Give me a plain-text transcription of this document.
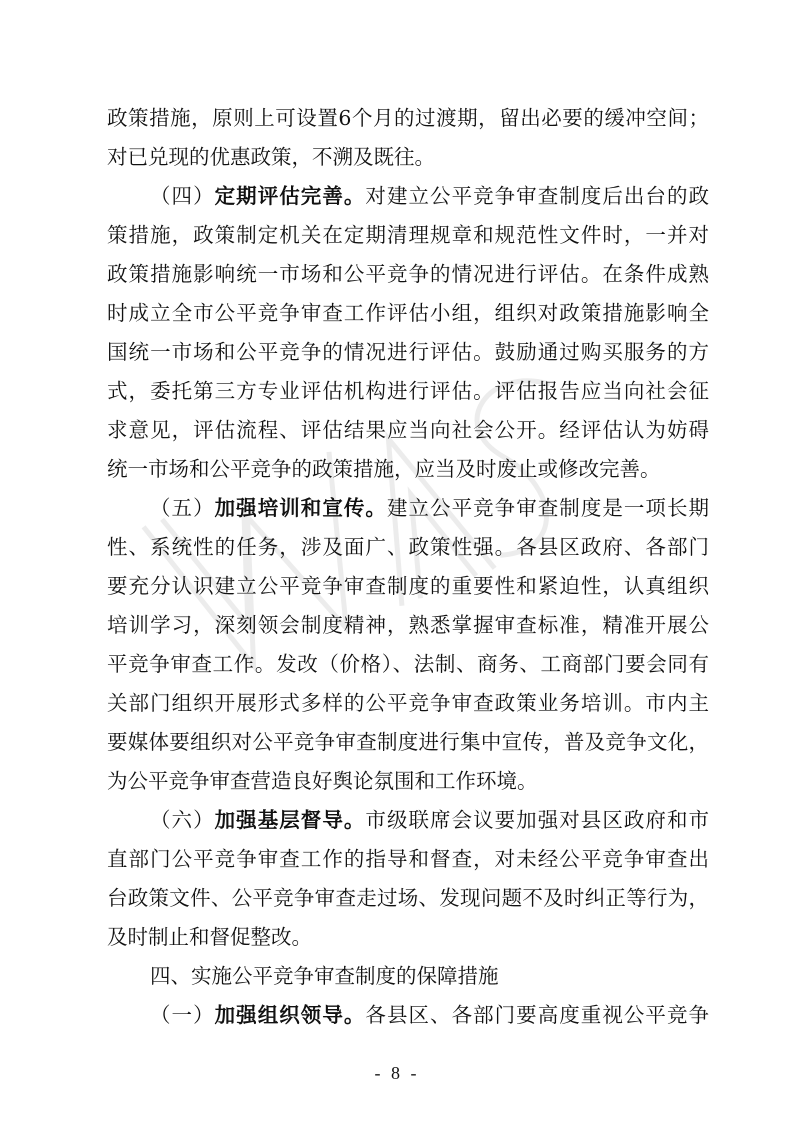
政策措施，原则上可设置6个月的过渡期，留出必要的缓冲空间；
对已兑现的优惠政策，不溯及既往。
（四）定期评估完善。对建立公平竞争审查制度后出台的政
策措施，政策制定机关在定期清理规章和规范性文件时，一并对
政策措施影响统一市场和公平竞争的情况进行评估。在条件成熟
时成立全市公平竞争审查工作评估小组，组织对政策措施影响全
国统一市场和公平竞争的情况进行评估。鼓励通过购买服务的方
式，委托第三方专业评估机构进行评估。评估报告应当向社会征
求意见，评估流程、评估结果应当向社会公开。经评估认为妨碍
统一市场和公平竞争的政策措施，应当及时废止或修改完善。
（五）加强培训和宣传。建立公平竞争审查制度是一项长期
性、系统性的任务，涉及面广、政策性强。各县区政府、各部门
要充分认识建立公平竞争审查制度的重要性和紧迫性，认真组织
培训学习，深刻领会制度精神，熟悉掌握审查标准，精准开展公
平竞争审查工作。发改（价格）、法制、商务、工商部门要会同有
关部门组织开展形式多样的公平竞争审查政策业务培训。市内主
要媒体要组织对公平竞争审查制度进行集中宣传，普及竞争文化，
为公平竞争审查营造良好舆论氛围和工作环境。
（六）加强基层督导。市级联席会议要加强对县区政府和市
直部门公平竞争审查工作的指导和督查，对未经公平竞争审查出
台政策文件、公平竞争审查走过场、发现问题不及时纠正等行为，
及时制止和督促整改。
四、实施公平竞争审查制度的保障措施
（一）加强组织领导。各县区、各部门要高度重视公平竞争
- 8 -
